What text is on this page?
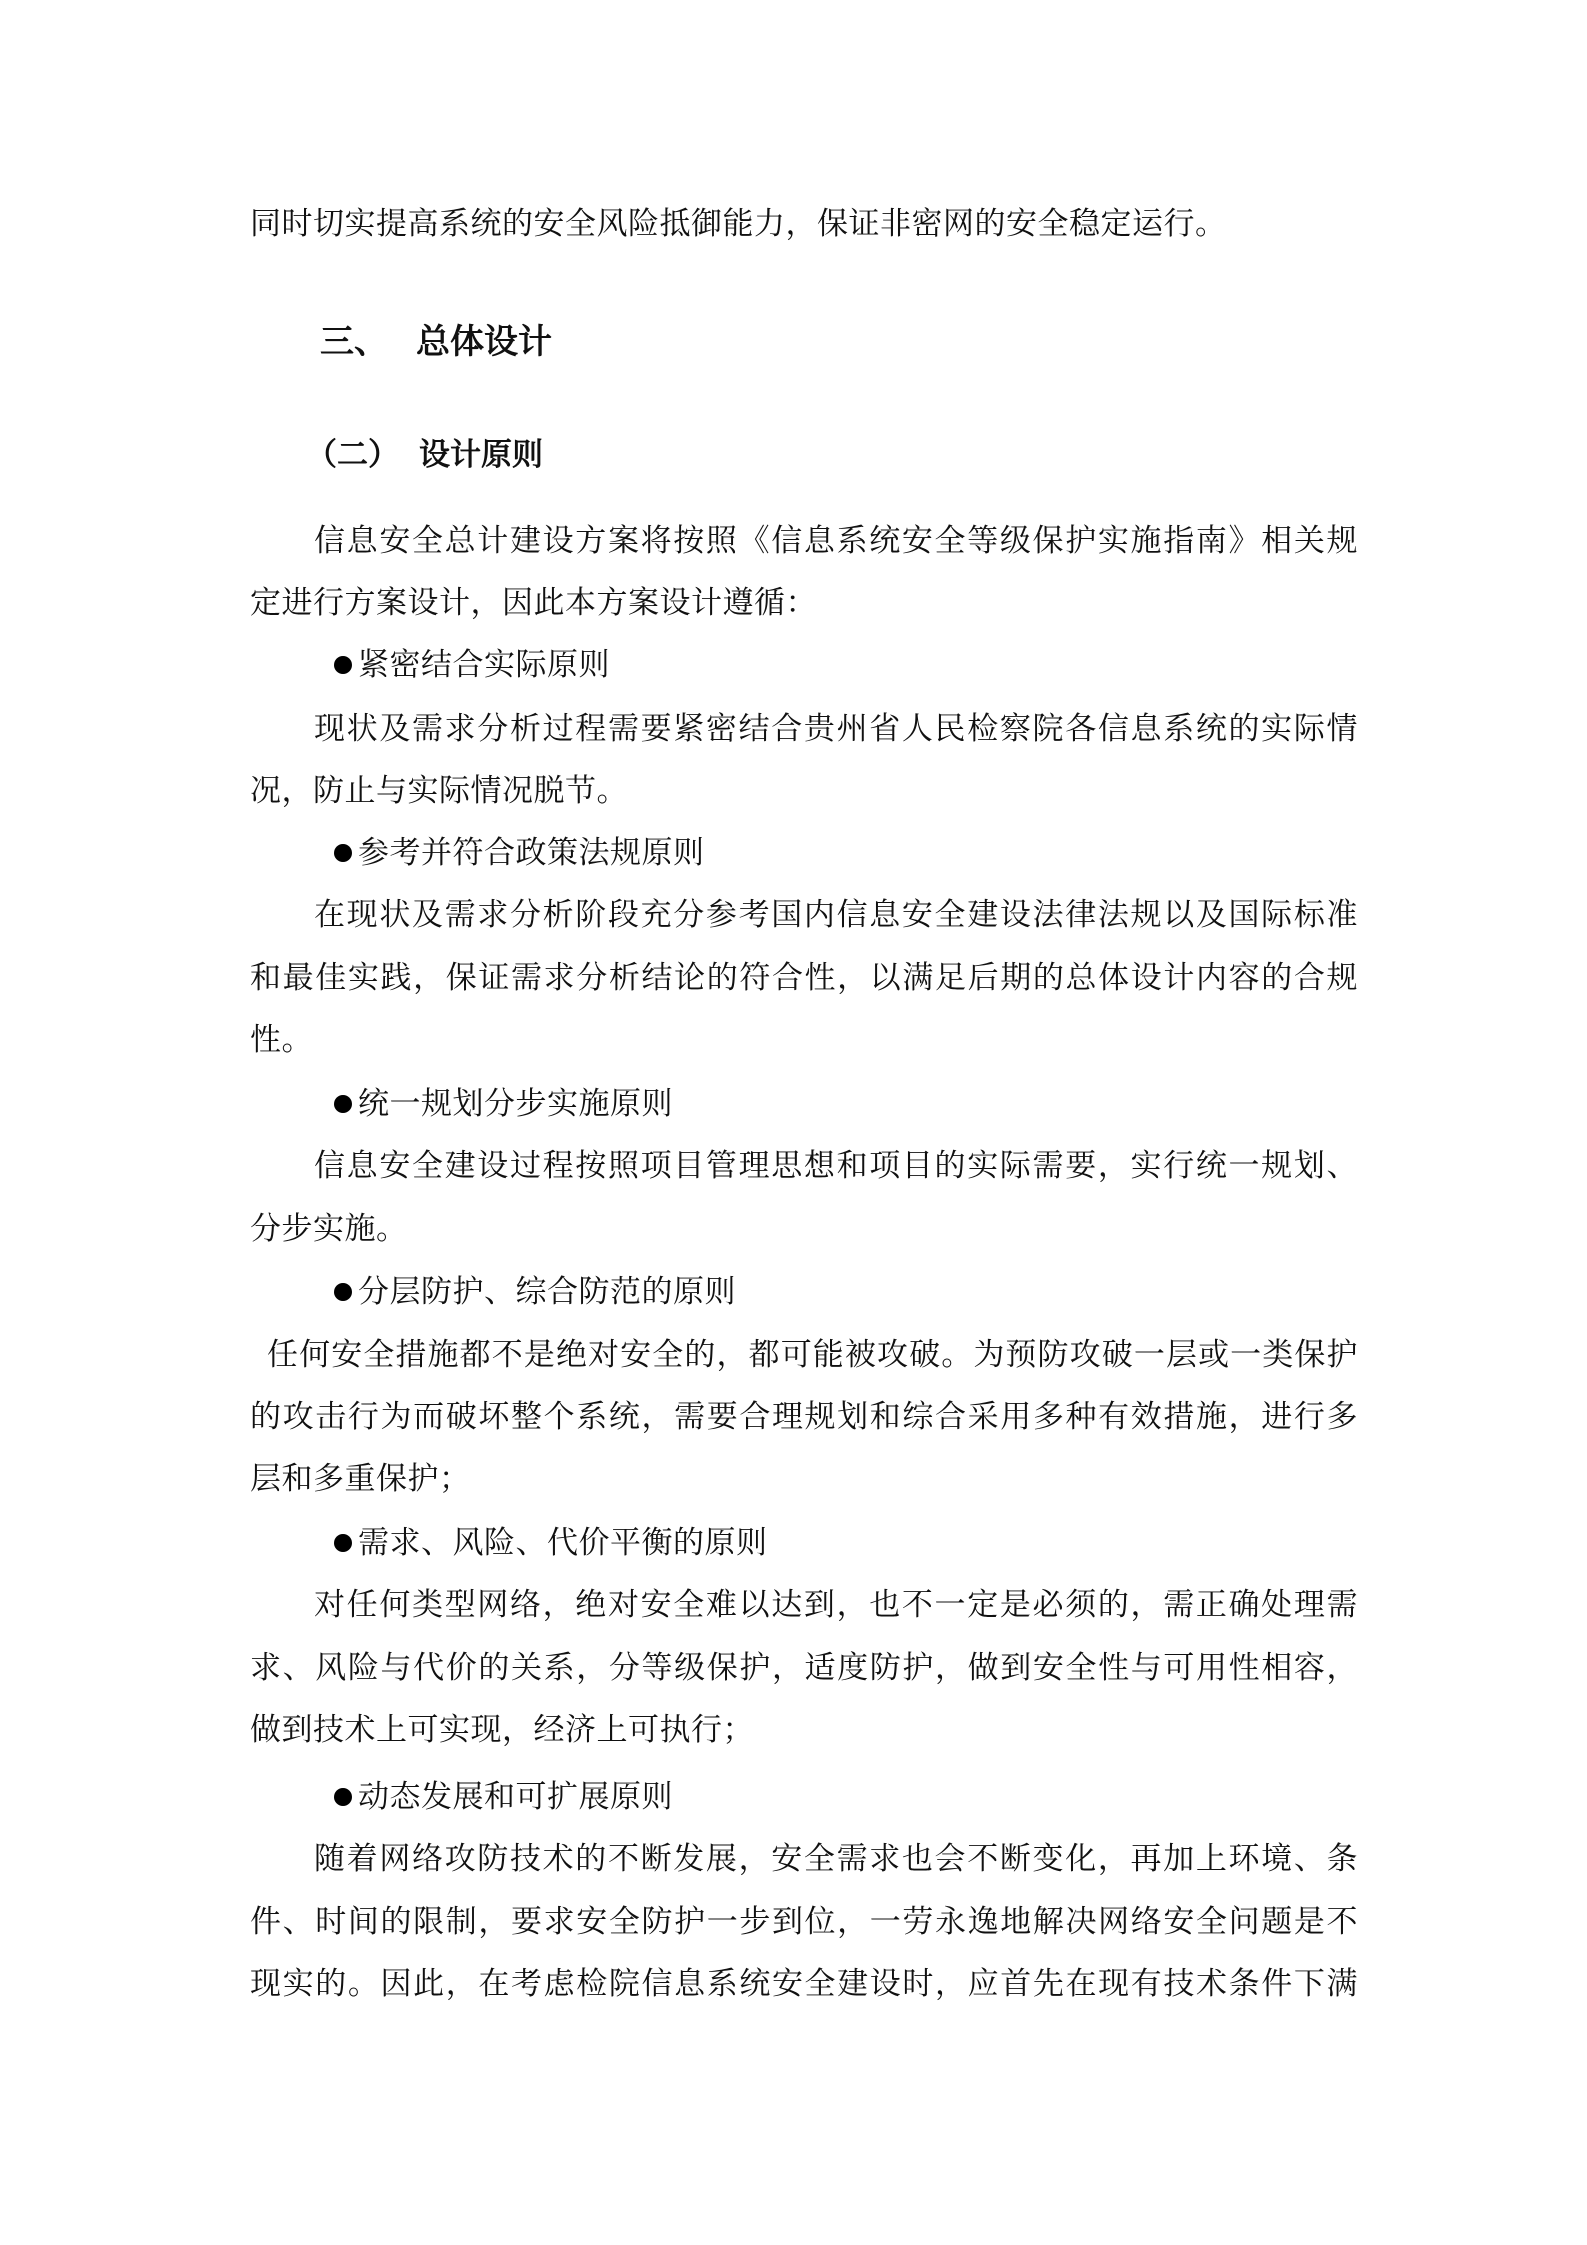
同时切实提高系统的安全风险抵御能力，保证非密网的安全稳定运行。
三、 总体设计
（二） 设计原则
信息安全总计建设方案将按照《信息系统安全等级保护实施指南》相关规
定进行方案设计，因此本方案设计遵循：
紧密结合实际原则
现状及需求分析过程需要紧密结合贵州省人民检察院各信息系统的实际情
况，防止与实际情况脱节。
参考并符合政策法规原则
在现状及需求分析阶段充分参考国内信息安全建设法律法规以及国际标准
和最佳实践，保证需求分析结论的符合性，以满足后期的总体设计内容的合规
性。
统一规划分步实施原则
信息安全建设过程按照项目管理思想和项目的实际需要，实行统一规划、
分步实施。
分层防护、综合防范的原则
任何安全措施都不是绝对安全的，都可能被攻破。为预防攻破一层或一类保护
的攻击行为而破坏整个系统，需要合理规划和综合采用多种有效措施，进行多
层和多重保护；
需求、风险、代价平衡的原则
对任何类型网络，绝对安全难以达到，也不一定是必须的，需正确处理需
求、风险与代价的关系，分等级保护，适度防护，做到安全性与可用性相容，
做到技术上可实现，经济上可执行；
动态发展和可扩展原则
随着网络攻防技术的不断发展，安全需求也会不断变化，再加上环境、条
件、时间的限制，要求安全防护一步到位，一劳永逸地解决网络安全问题是不
现实的。因此，在考虑检院信息系统安全建设时，应首先在现有技术条件下满
